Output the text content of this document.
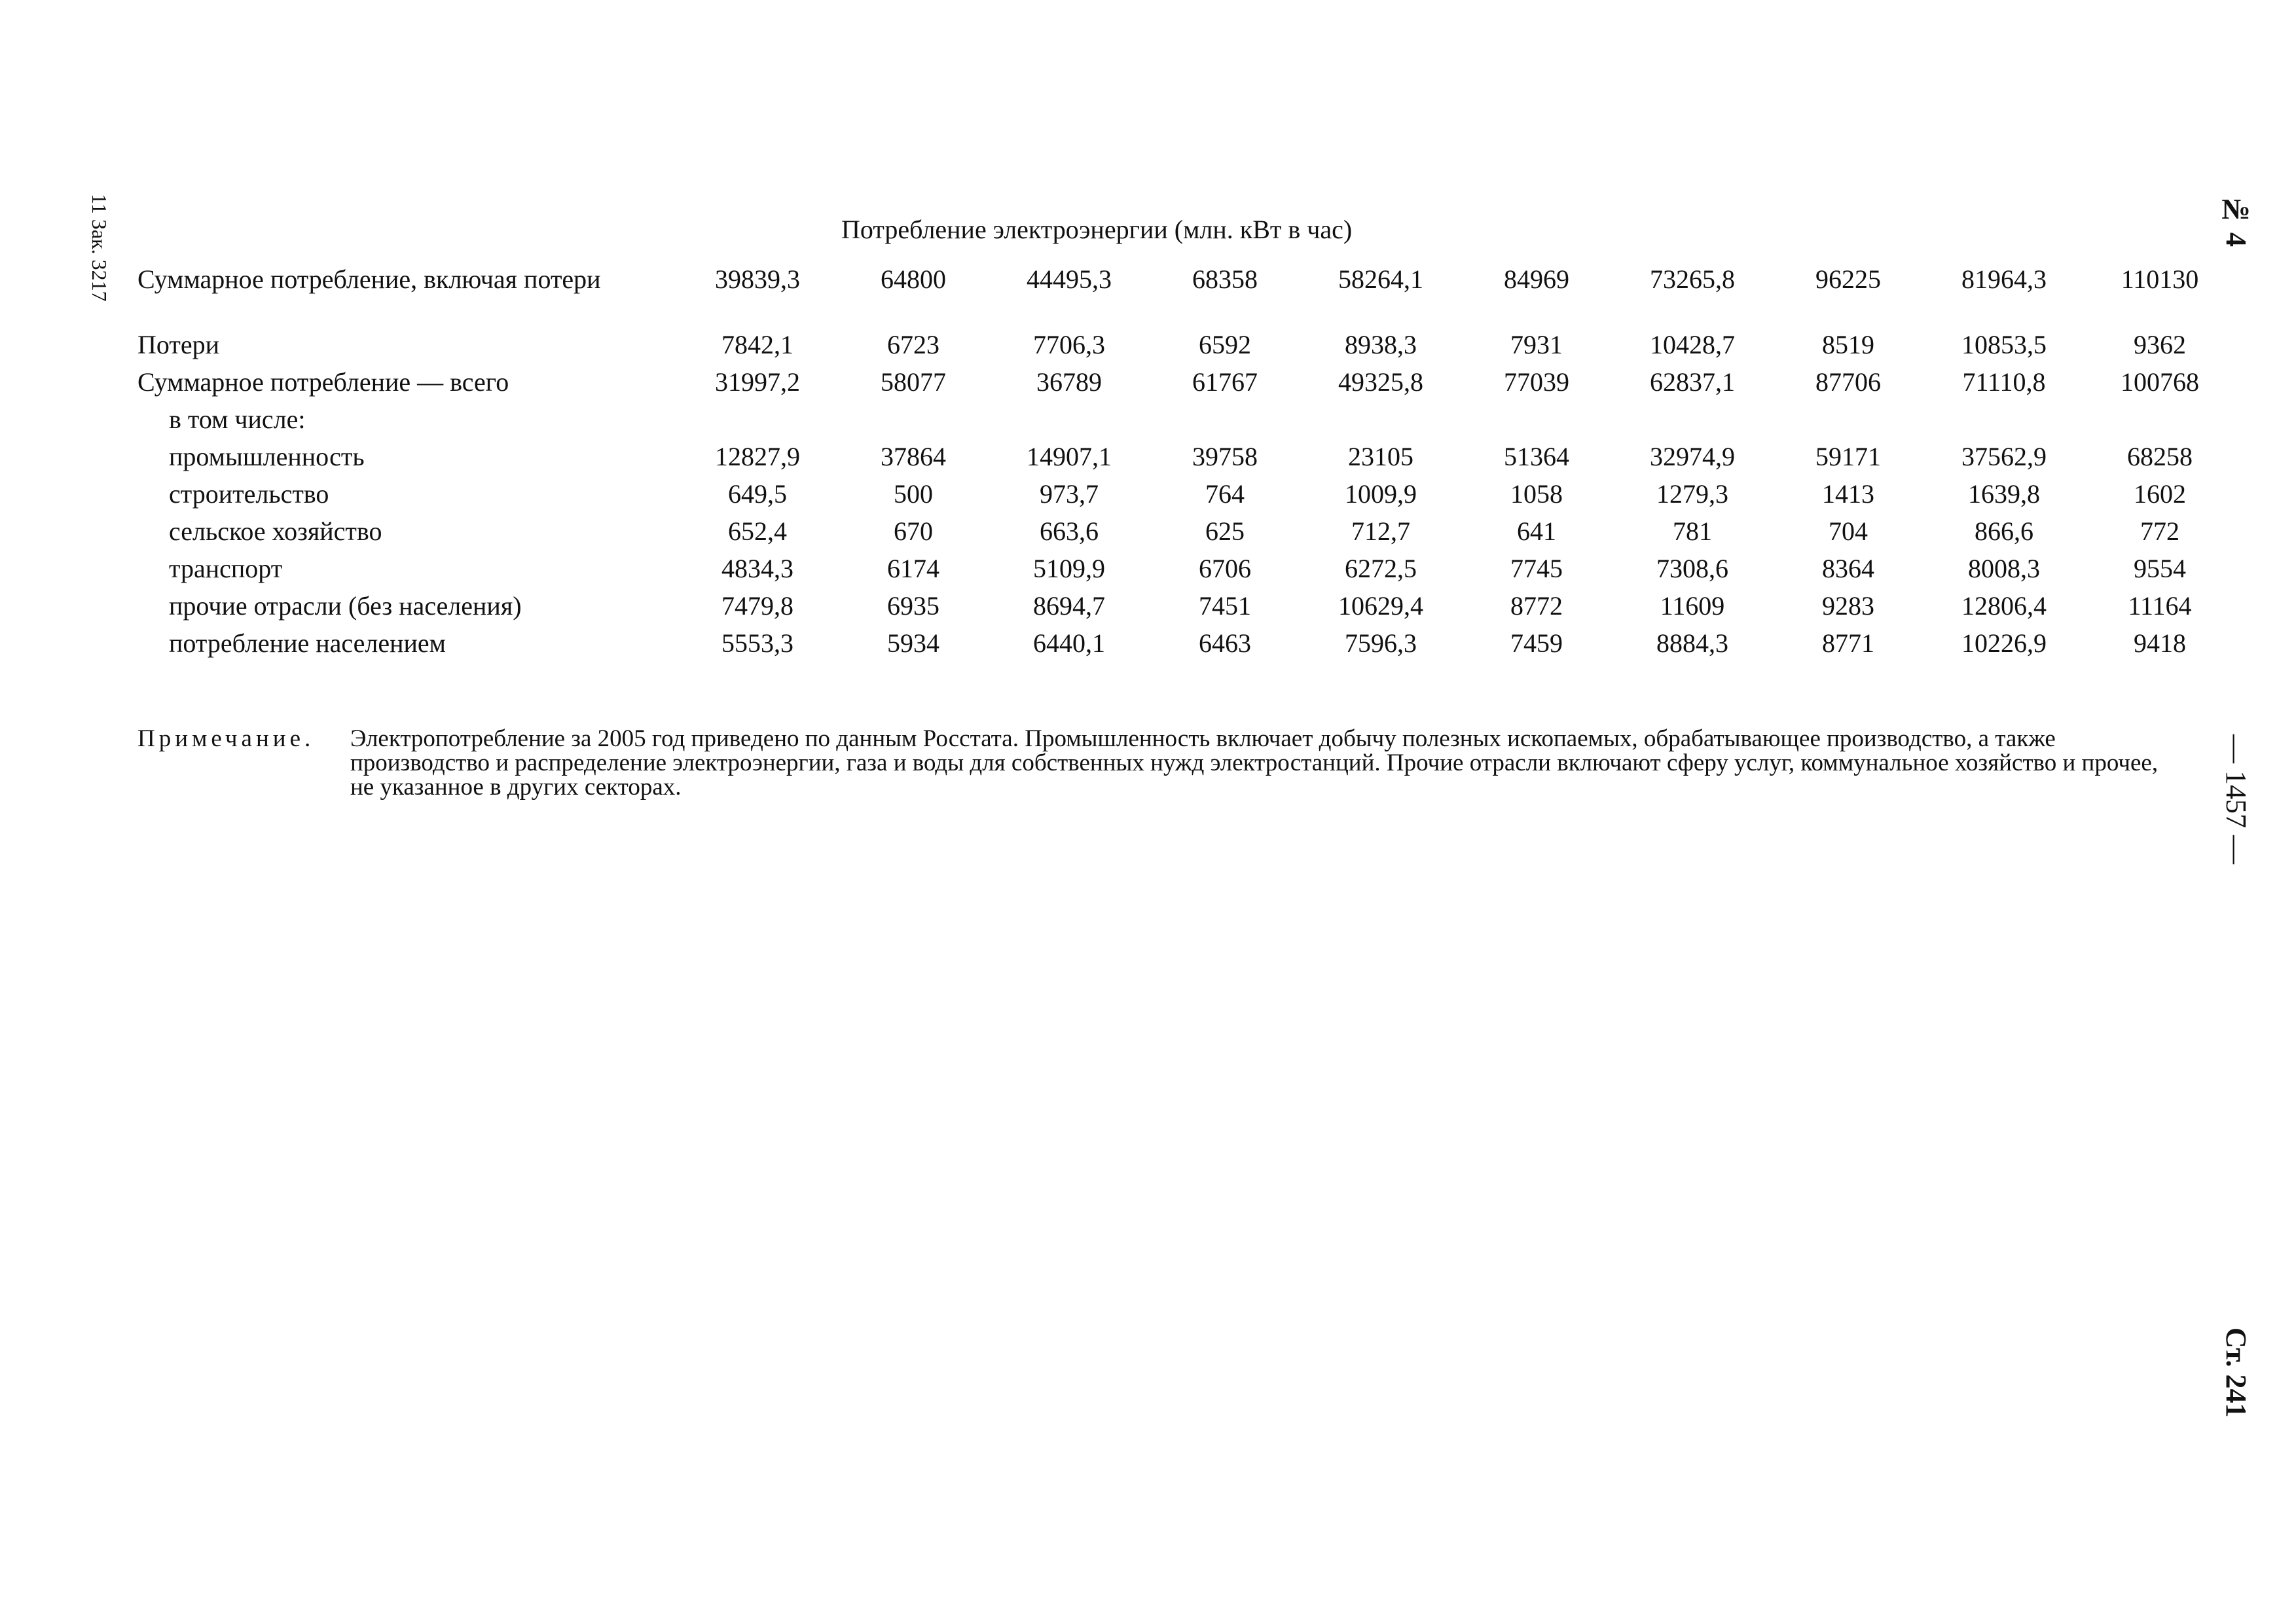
11 Зак. 3217	№ 4
— 1457 —
Ст. 241
Потребление электроэнергии (млн. кВт в час)
Суммарное потребление, включая потери	39839,3	64800	44495,3	68358	58264,1	84969	73265,8	96225	81964,3	110130
Потери	7842,1	6723	7706,3	6592	8938,3	7931	10428,7	8519	10853,5	9362
Суммарное потребление — всего	31997,2	58077	36789	61767	49325,8	77039	62837,1	87706	71110,8	100768
в том числе:										
промышленность	12827,9	37864	14907,1	39758	23105	51364	32974,9	59171	37562,9	68258
строительство	649,5	500	973,7	764	1009,9	1058	1279,3	1413	1639,8	1602
сельское хозяйство	652,4	670	663,6	625	712,7	641	781	704	866,6	772
транспорт	4834,3	6174	5109,9	6706	6272,5	7745	7308,6	8364	8008,3	9554
прочие отрасли (без населения)	7479,8	6935	8694,7	7451	10629,4	8772	11609	9283	12806,4	11164
потребление населением	5553,3	5934	6440,1	6463	7596,3	7459	8884,3	8771	10226,9	9418
Примечание. Электропотребление за 2005 год приведено по данным Росстата. Промышленность включает добычу полезных ископаемых, обрабатывающее производство, а также производство и распределение электроэнергии, газа и воды для собственных нужд электростанций. Прочие отрасли включают сферу услуг, коммунальное хозяйство и прочее, не указанное в других секторах.
